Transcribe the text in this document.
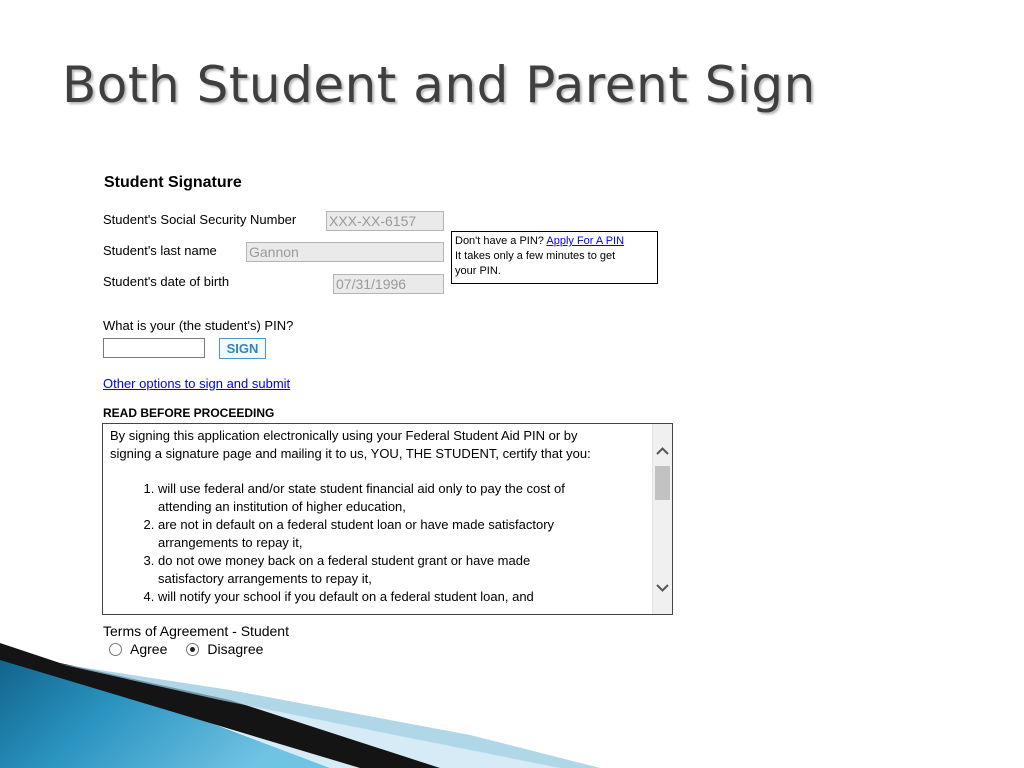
Both Student and Parent Sign
Student Signature
Student's Social Security Number XXX-XX-6157
Student's last name Gannon
Student's date of birth	07/31/1996
Don't have a PIN? Apply For A PIN
It takes only a few minutes to get
your PIN.
What is your (the student's) PIN?
SIGN
Other options to sign and submit
READ BEFORE PROCEEDING

By signing this application electronically using your Federal Student Aid PIN or by
signing a signature page and mailing it to us, YOU, THE STUDENT, certify that you:

1. will use federal and/or state student financial aid only to pay the cost of
attending an institution of higher education,
2. are not in default on a federal student loan or have made satisfactory
arrangements to repay it,
3. do not owe money back on a federal student grant or have made
satisfactory arrangements to repay it,
4. will notify your school if you default on a federal student loan, and
Terms of Agreement - Student
Agree	Disagree
